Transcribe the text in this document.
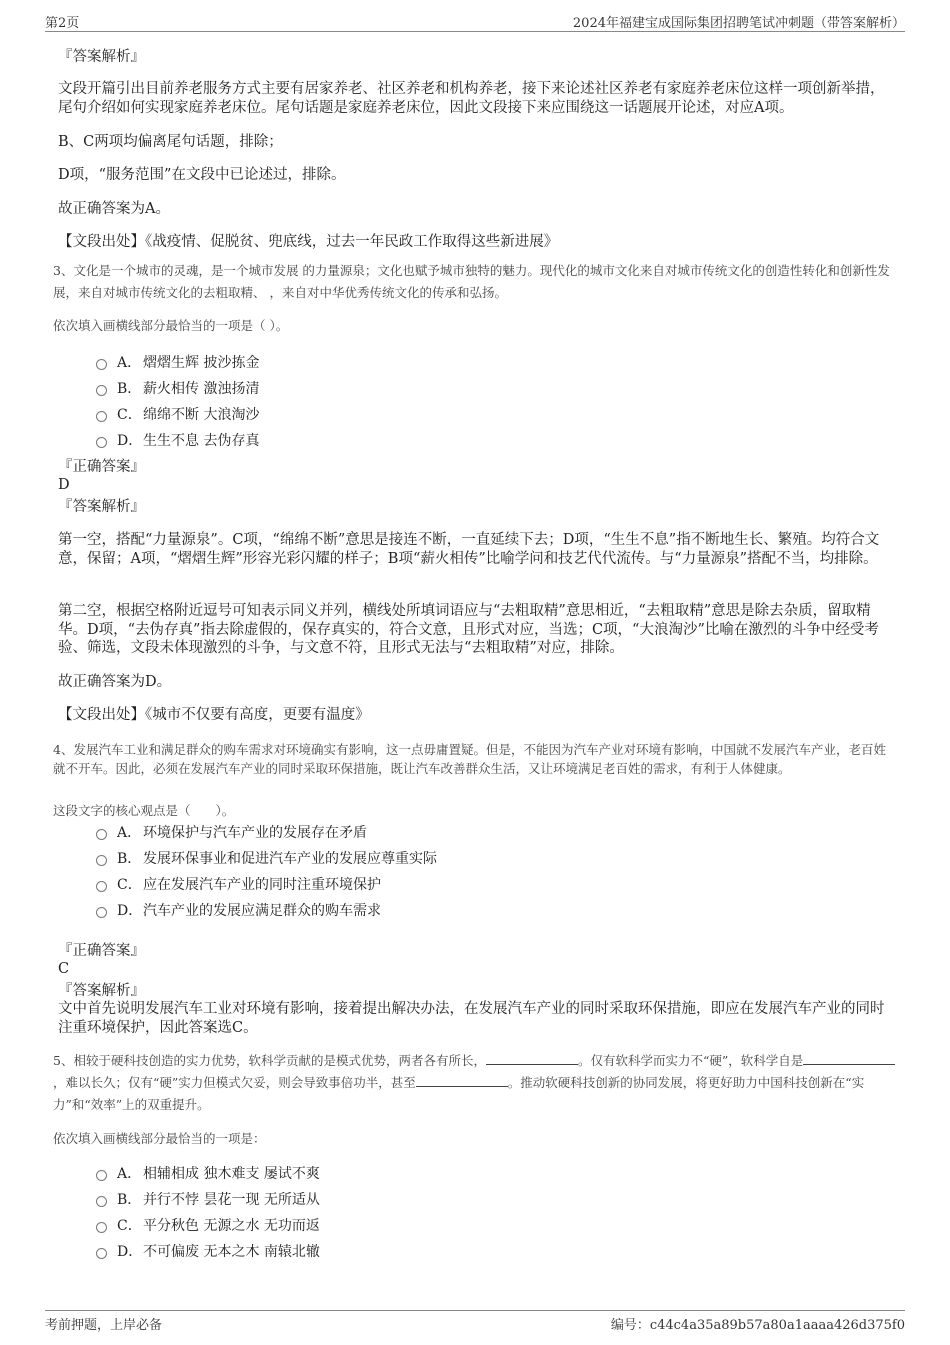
第2页	2024年福建宝成国际集团招聘笔试冲刺题（带答案解析）
『答案解析』
文段开篇引出目前养老服务方式主要有居家养老、社区养老和机构养老，接下来论述社区养老有家庭养老床位这样一项创新举措，尾句介绍如何实现家庭养老床位。尾句话题是家庭养老床位，因此文段接下来应围绕这一话题展开论述，对应A项。
B、C两项均偏离尾句话题，排除；
D项，“服务范围”在文段中已论述过，排除。
故正确答案为A。
【文段出处】《战疫情、促脱贫、兜底线，过去一年民政工作取得这些新进展》
3、文化是一个城市的灵魂，是一个城市发展 的力量源泉；文化也赋予城市独特的魅力。现代化的城市文化来自对城市传统文化的创造性转化和创新性发展，来自对城市传统文化的去粗取精、 ，来自对中华优秀传统文化的传承和弘扬。
依次填入画横线部分最恰当的一项是（ ）。
A． 熠熠生辉 披沙拣金
B． 薪火相传 激浊扬清
C． 绵绵不断 大浪淘沙
D． 生生不息 去伪存真
『正确答案』
D
『答案解析』
第一空，搭配“力量源泉”。C项，“绵绵不断”意思是接连不断，一直延续下去；D项，“生生不息”指不断地生长、繁殖。均符合文意，保留；A项，“熠熠生辉”形容光彩闪耀的样子；B项“薪火相传”比喻学问和技艺代代流传。与“力量源泉”搭配不当，均排除。
第二空，根据空格附近逗号可知表示同义并列，横线处所填词语应与“去粗取精”意思相近，“去粗取精”意思是除去杂质，留取精华。D项，“去伪存真”指去除虚假的，保存真实的，符合文意，且形式对应，当选；C项，“大浪淘沙”比喻在激烈的斗争中经受考验、筛选，文段未体现激烈的斗争，与文意不符，且形式无法与“去粗取精”对应，排除。
故正确答案为D。
【文段出处】《城市不仅要有高度，更要有温度》
4、发展汽车工业和满足群众的购车需求对环境确实有影响，这一点毋庸置疑。但是，不能因为汽车产业对环境有影响，中国就不发展汽车产业，老百姓就不开车。因此，必须在发展汽车产业的同时采取环保措施，既让汽车改善群众生活，又让环境满足老百姓的需求，有利于人体健康。
这段文字的核心观点是（　　）。
A． 环境保护与汽车产业的发展存在矛盾
B． 发展环保事业和促进汽车产业的发展应尊重实际
C． 应在发展汽车产业的同时注重环境保护
D． 汽车产业的发展应满足群众的购车需求
『正确答案』
C
『答案解析』
文中首先说明发展汽车工业对环境有影响，接着提出解决办法，在发展汽车产业的同时采取环保措施，即应在发展汽车产业的同时注重环境保护，因此答案选C。
5、相较于硬科技创造的实力优势，软科学贡献的是模式优势，两者各有所长，	。仅有软科学而实力不“硬”，软科学自是，难以长久；仅有“硬”实力但模式欠妥，则会导致事倍功半，甚至	。推动软硬科技创新的协同发展，将更好助力中国科技创新在“实力”和“效率”上的双重提升。
依次填入画横线部分最恰当的一项是：
A． 相辅相成 独木难支 屡试不爽
B． 并行不悖 昙花一现 无所适从
C． 平分秋色 无源之水 无功而返
D． 不可偏废 无本之木 南辕北辙
考前押题，上岸必备	编号：c44c4a35a89b57a80a1aaaa426d375f0
